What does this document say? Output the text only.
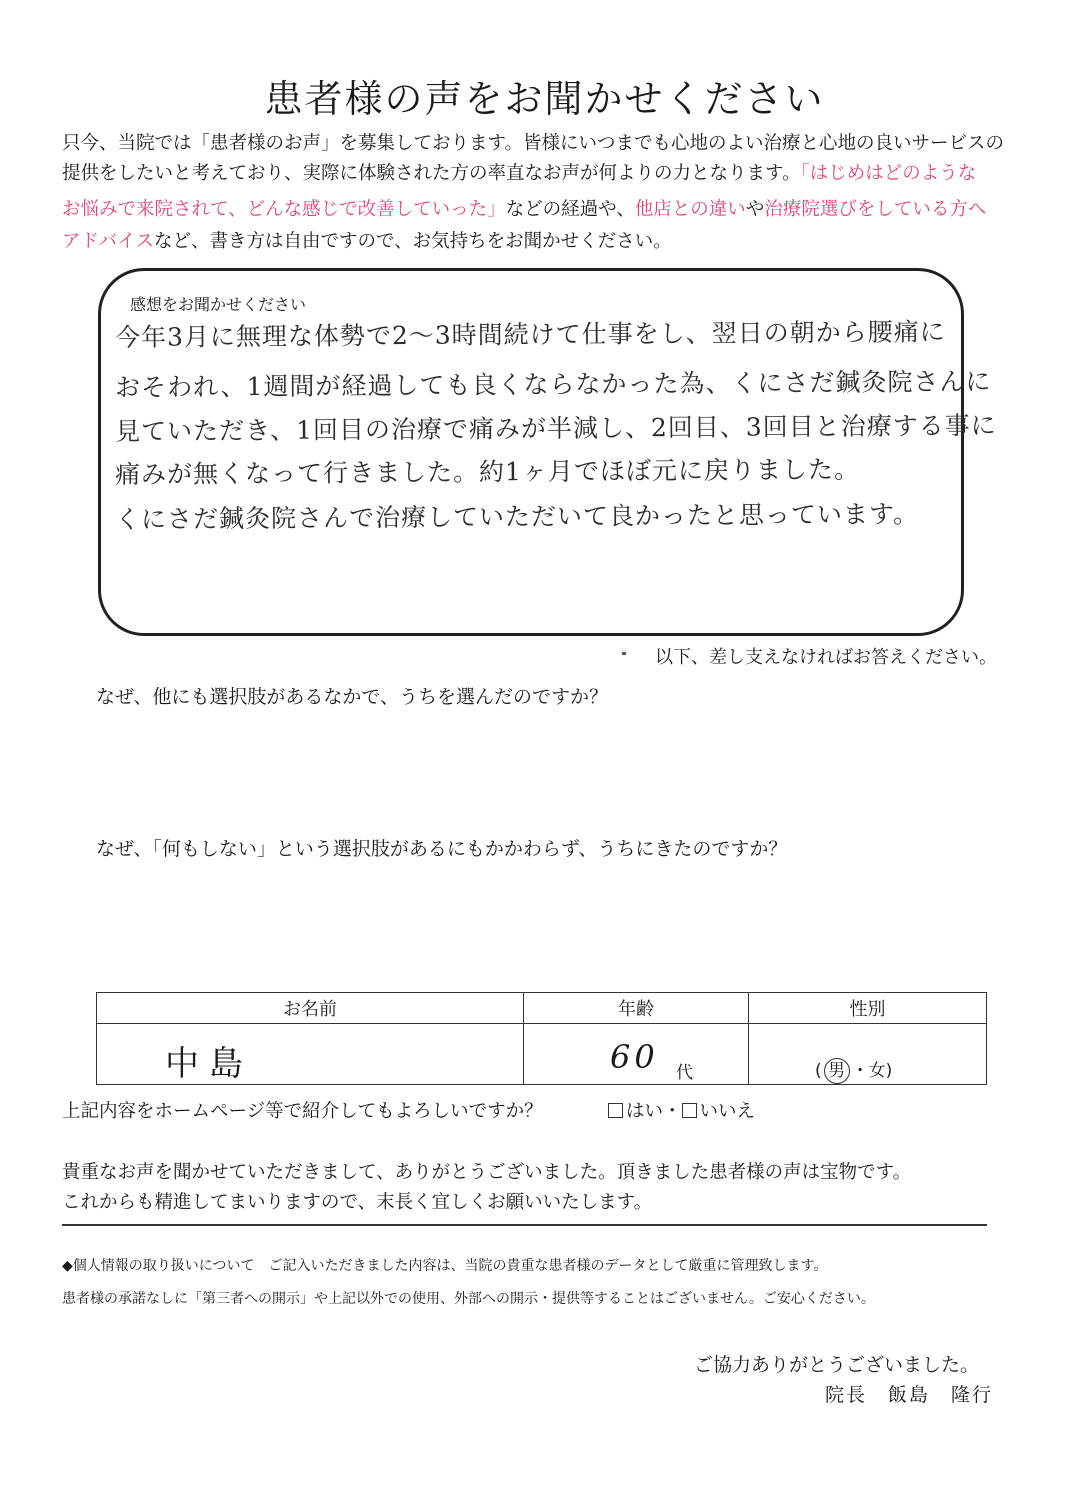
患者様の声をお聞かせください
只今、当院では「患者様のお声」を募集しております。皆様にいつまでも心地のよい治療と心地の良いサービスの
提供をしたいと考えており、実際に体験された方の率直なお声が何よりの力となります。「はじめはどのような
お悩みで来院されて、どんな感じで改善していった」などの経過や、他店との違いや治療院選びをしている方へ
アドバイスなど、書き方は自由ですので、お気持ちをお聞かせください。
感想をお聞かせください
今年3月に無理な体勢で2〜3時間続けて仕事をし、翌日の朝から腰痛に
おそわれ、1週間が経過しても良くならなかった為、くにさだ鍼灸院さんに
見ていただき、1回目の治療で痛みが半減し、2回目、3回目と治療する事に
痛みが無くなって行きました。約1ヶ月でほぼ元に戻りました。
くにさだ鍼灸院さんで治療していただいて良かったと思っています。
以下、差し支えなければお答えください。
なぜ、他にも選択肢があるなかで、うちを選んだのですか？
なぜ、「何もしない」という選択肢があるにもかかわらず、うちにきたのですか？
お名前	年齢	性別

中島	60 代	( 男 ・女)
上記内容をホームページ等で紹介してもよろしいですか？	はい・ いいえ
貴重なお声を聞かせていただきまして、ありがとうございました。頂きました患者様の声は宝物です。
これからも精進してまいりますので、末長く宜しくお願いいたします。
◆個人情報の取り扱いについて　ご記入いただきました内容は、当院の貴重な患者様のデータとして厳重に管理致します。
患者様の承諾なしに「第三者への開示」や上記以外での使用、外部への開示・提供等することはございません。ご安心ください。
ご協力ありがとうございました。
院長　飯島　隆行
